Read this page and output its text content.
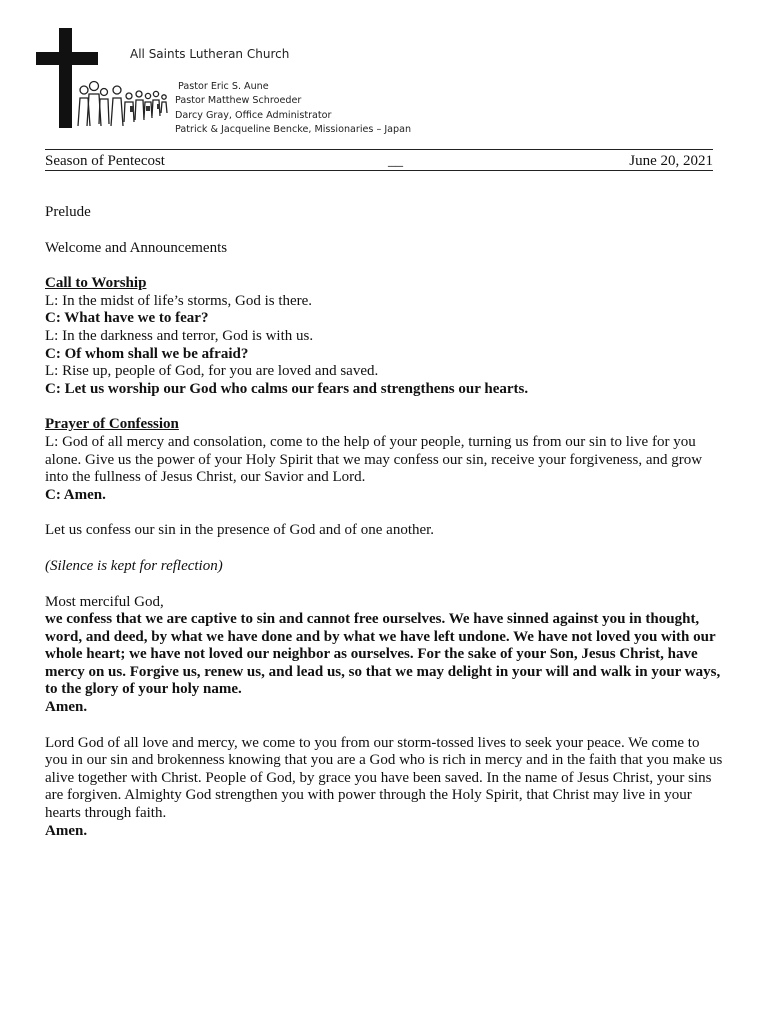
All Saints Lutheran Church
Pastor Eric S. Aune
Pastor Matthew Schroeder
Darcy Gray, Office Administrator
Patrick & Jacqueline Bencke, Missionaries – Japan
Season of Pentecost	__	June 20, 2021

Prelude

Welcome and Announcements

Call to Worship

L: In the midst of life’s storms, God is there.

C: What have we to fear?

L: In the darkness and terror, God is with us.

C: Of whom shall we be afraid?

L: Rise up, people of God, for you are loved and saved.

C: Let us worship our God who calms our fears and strengthens our hearts.

Prayer of Confession

L: God of all mercy and consolation, come to the help of your people, turning us from our sin to live for you alone. Give us the power of your Holy Spirit that we may confess our sin, receive your forgiveness, and grow into the fullness of Jesus Christ, our Savior and Lord.

C: Amen.

Let us confess our sin in the presence of God and of one another.

(Silence is kept for reflection)

Most merciful God,

we confess that we are captive to sin and cannot free ourselves. We have sinned against you in thought, word, and deed, by what we have done and by what we have left undone. We have not loved you with our whole heart; we have not loved our neighbor as ourselves. For the sake of your Son, Jesus Christ, have mercy on us. Forgive us, renew us, and lead us, so that we may delight in your will and walk in your ways, to the glory of your holy name.

Amen.

Lord God of all love and mercy, we come to you from our storm-tossed lives to seek your peace. We come to you in our sin and brokenness knowing that you are a God who is rich in mercy and in the faith that you make us alive together with Christ. People of God, by grace you have been saved. In the name of Jesus Christ, your sins are forgiven. Almighty God strengthen you with power through the Holy Spirit, that Christ may live in your hearts through faith.

Amen.
